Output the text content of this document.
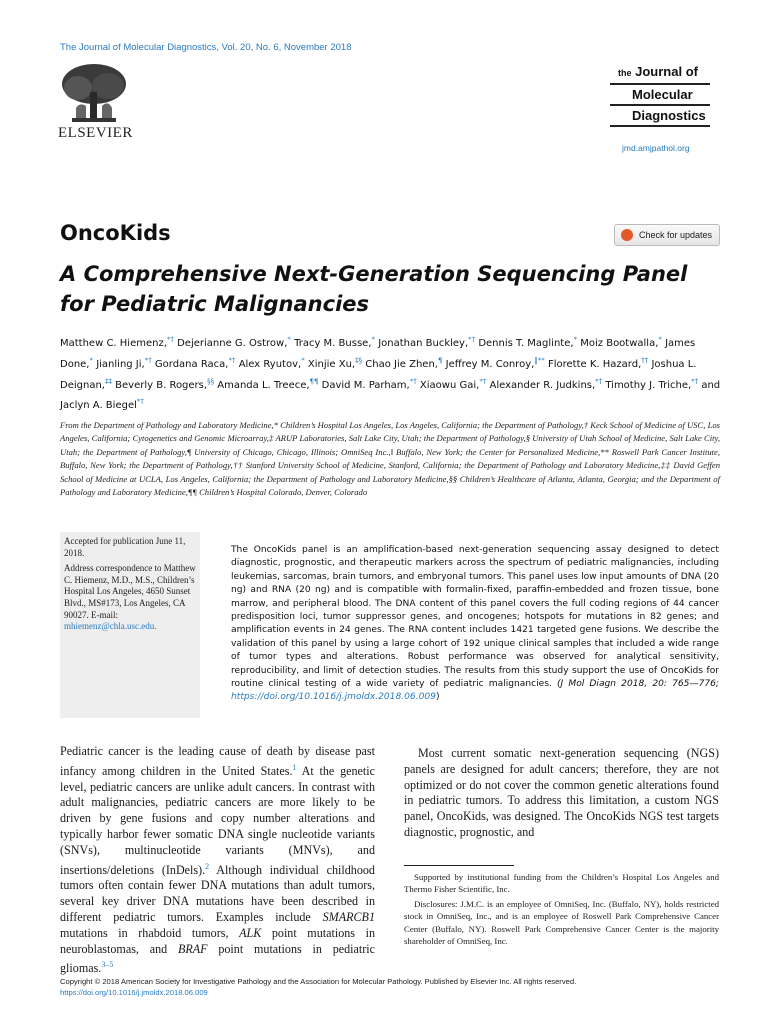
The Journal of Molecular Diagnostics, Vol. 20, No. 6, November 2018
ELSEVIER
the Journal of
Molecular
Diagnostics
jmd.amjpathol.org
OncoKids	Check for updates
A Comprehensive Next-Generation Sequencing Panel for Pediatric Malignancies
Matthew C. Hiemenz,*† Dejerianne G. Ostrow,* Tracy M. Busse,* Jonathan Buckley,*† Dennis T. Maglinte,* Moiz Bootwalla,* James Done,* Jianling Ji,*† Gordana Raca,*† Alex Ryutov,* Xinjie Xu,‡§ Chao Jie Zhen,¶ Jeffrey M. Conroy,‖** Florette K. Hazard,†† Joshua L. Deignan,‡‡ Beverly B. Rogers,§§ Amanda L. Treece,¶¶ David M. Parham,*† Xiaowu Gai,*† Alexander R. Judkins,*† Timothy J. Triche,*† and Jaclyn A. Biegel*†
From the Department of Pathology and Laboratory Medicine,* Children’s Hospital Los Angeles, Los Angeles, California; the Department of Pathology,† Keck School of Medicine of USC, Los Angeles, California; Cytogenetics and Genomic Microarray,‡ ARUP Laboratories, Salt Lake City, Utah; the Department of Pathology,§ University of Utah School of Medicine, Salt Lake City, Utah; the Department of Pathology,¶ University of Chicago, Chicago, Illinois; OmniSeq Inc.,‖ Buffalo, New York; the Center for Personalized Medicine,** Roswell Park Cancer Institute, Buffalo, New York; the Department of Pathology,†† Stanford University School of Medicine, Stanford, California; the Department of Pathology and Laboratory Medicine,‡‡ David Geffen School of Medicine at UCLA, Los Angeles, California; the Department of Pathology and Laboratory Medicine,§§ Children’s Healthcare of Atlanta, Atlanta, Georgia; and the Department of Pathology and Laboratory Medicine,¶¶ Children’s Hospital Colorado, Denver, Colorado
Accepted for publication June 11, 2018.
Address correspondence to Matthew C. Hiemenz, M.D., M.S., Children’s Hospital Los Angeles, 4650 Sunset Blvd., MS#173, Los Angeles, CA 90027. E-mail:
mhiemenz@chla.usc.edu.
The OncoKids panel is an amplification-based next-generation sequencing assay designed to detect diagnostic, prognostic, and therapeutic markers across the spectrum of pediatric malignancies, including leukemias, sarcomas, brain tumors, and embryonal tumors. This panel uses low input amounts of DNA (20 ng) and RNA (20 ng) and is compatible with formalin-fixed, paraffin-embedded and frozen tissue, bone marrow, and peripheral blood. The DNA content of this panel covers the full coding regions of 44 cancer predisposition loci, tumor suppressor genes, and oncogenes; hotspots for mutations in 82 genes; and amplification events in 24 genes. The RNA content includes 1421 targeted gene fusions. We describe the validation of this panel by using a large cohort of 192 unique clinical samples that included a wide range of tumor types and alterations. Robust performance was observed for analytical sensitivity, reproducibility, and limit of detection studies. The results from this study support the use of OncoKids for routine clinical testing of a wide variety of pediatric malignancies. (J Mol Diagn 2018, 20: 765—776; https://doi.org/10.1016/j.jmoldx.2018.06.009)
Pediatric cancer is the leading cause of death by disease past infancy among children in the United States.$^1$ At the genetic level, pediatric cancers are unlike adult cancers. In contrast with adult malignancies, pediatric cancers are more likely to be driven by gene fusions and copy number alterations and typically harbor fewer somatic DNA single nucleotide variants (SNVs), multinucleotide variants (MNVs), and insertions/deletions (InDels).$^2$ Although individual childhood tumors often contain fewer DNA mutations than adult tumors, several key driver DNA mutations have been described in different pediatric tumors. Examples include SMARCB1 mutations in rhabdoid tumors, ALK point mutations in neuroblastomas, and BRAF point mutations in pediatric gliomas.$^{3-5}$
Most current somatic next-generation sequencing (NGS) panels are designed for adult cancers; therefore, they are not optimized or do not cover the common genetic alterations found in pediatric tumors. To address this limitation, a custom NGS panel, OncoKids, was designed. The OncoKids NGS test targets diagnostic, prognostic, and

Supported by institutional funding from the Children’s Hospital Los Angeles and Thermo Fisher Scientific, Inc.

Disclosures: J.M.C. is an employee of OmniSeq, Inc. (Buffalo, NY), holds restricted stock in OmniSeq, Inc., and is an employee of Roswell Park Comprehensive Cancer Center (Buffalo, NY). Roswell Park Comprehensive Cancer Center is the majority shareholder of OmniSeq, Inc.

Copyright © 2018 American Society for Investigative Pathology and the Association for Molecular Pathology. Published by Elsevier Inc. All rights reserved.
https://doi.org/10.1016/j.jmoldx.2018.06.009
